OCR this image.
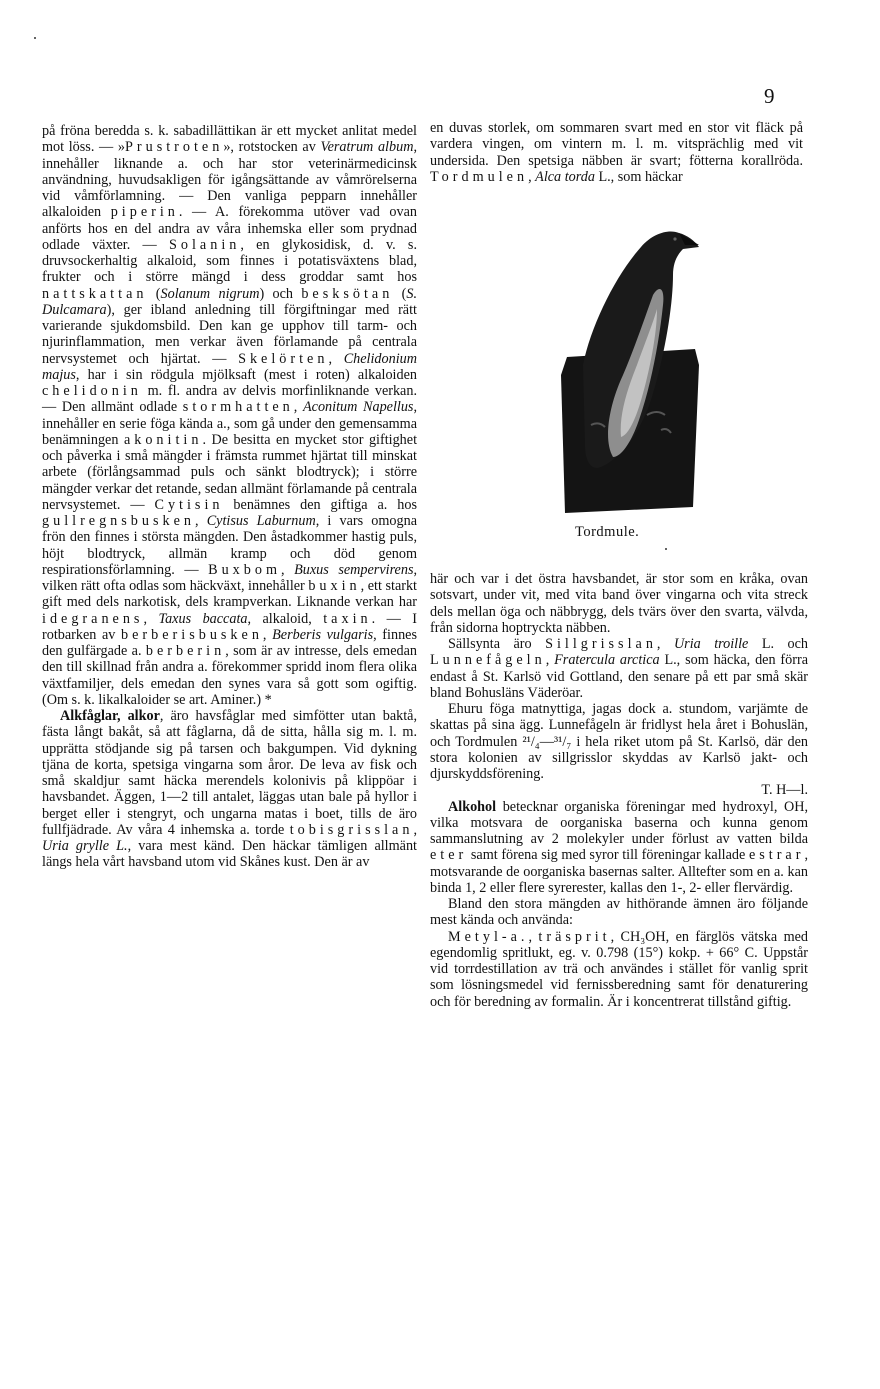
9

på fröna beredda s. k. sabadillättikan är ett mycket anlitat medel mot löss. — »Prustroten», rotstocken av Veratrum album, innehåller liknande a. och har stor veterinärmedicinsk användning, huvudsakligen för igångsättande av våmrörelserna vid våmförlamning. — Den vanliga pepparn innehåller alkaloiden piperin. — A. förekomma utöver vad ovan anförts hos en del andra av våra inhemska eller som prydnad odlade växter. — Solanin, en glykosidisk, d. v. s. druvsockerhaltig alkaloid, som finnes i potatisväxtens blad, frukter och i större mängd i dess groddar samt hos nattskattan (Solanum nigrum) och besksötan (S. Dulcamara), ger ibland anledning till förgiftningar med rätt varierande sjukdomsbild. Den kan ge upphov till tarm- och njurinflammation, men verkar även förlamande på centrala nervsystemet och hjärtat. — Skelörten, Chelidonium majus, har i sin rödgula mjölksaft (mest i roten) alkaloiden chelidonin m. fl. andra av delvis morfinliknande verkan. — Den allmänt odlade stormhatten, Aconitum Napellus, innehåller en serie föga kända a., som gå under den gemensamma benämningen akonitin. De besitta en mycket stor giftighet och påverka i små mängder i främsta rummet hjärtat till minskat arbete (förlångsammad puls och sänkt blodtryck); i större mängder verkar det retande, sedan allmänt förlamande på centrala nervsystemet. — Cytisin benämnes den giftiga a. hos gullregnsbusken, Cytisus Laburnum, i vars omogna frön den finnes i största mängden. Den åstadkommer hastig puls, höjt blodtryck, allmän kramp och död genom respirationsförlamning. — Buxbom, Buxus sempervirens, vilken rätt ofta odlas som häckväxt, innehåller buxin, ett starkt gift med dels narkotisk, dels krampverkan. Liknande verkan har idegranens, Taxus baccata, alkaloid, taxin. — I rotbarken av berberisbusken, Berberis vulgaris, finnes den gulfärgade a. berberin, som är av intresse, dels emedan den till skillnad från andra a. förekommer spridd inom flera olika växtfamiljer, dels emedan den synes vara så gott som ogiftig. (Om s. k. likalkaloider se art. Aminer.) *

Alkfåglar, alkor, äro havsfåglar med simfötter utan baktå, fästa långt bakåt, så att fåglarna, då de sitta, hålla sig m. l. m. upprätta stödjande sig på tarsen och bakgumpen. Vid dykning tjäna de korta, spetsiga vingarna som åror. De leva av fisk och små skaldjur samt häcka merendels kolonivis på klippöar i havsbandet. Äggen, 1—2 till antalet, läggas utan bale på hyllor i berget eller i stengryt, och ungarna matas i boet, tills de äro fullfjädrade. Av våra 4 inhemska a. torde tobisgrisslan, Uria grylle L., vara mest känd. Den häckar tämligen allmänt längs hela vårt havsband utom vid Skånes kust. Den är av

en duvas storlek, om sommaren svart med en stor vit fläck på vardera vingen, om vintern m. l. m. vitsprächlig med vit undersida. Den spetsiga näbben är svart; fötterna korallröda. Tordmulen, Alca torda L., som häckar

Tordmule.

här och var i det östra havsbandet, är stor som en kråka, ovan sotsvart, under vit, med vita band över vingarna och vita streck dels mellan öga och näbbrygg, dels tvärs över den svarta, välvda, från sidorna hoptryckta näbben.

Sällsynta äro Sillgrisslan, Uria troille L. och Lunnefågeln, Fratercula arctica L., som häcka, den förra endast å St. Karlsö vid Gottland, den senare på ett par små skär bland Bohusläns Väderöar.

Ehuru föga matnyttiga, jagas dock a. stundom, varjämte de skattas på sina ägg. Lunnefågeln är fridlyst hela året i Bohuslän, och Tordmulen ²¹/₄—³¹/₇ i hela riket utom på St. Karlsö, där den stora kolonien av sillgrisslor skyddas av Karlsö jakt- och djurskyddsförening.

T. H—l.

Alkohol betecknar organiska föreningar med hydroxyl, OH, vilka motsvara de oorganiska baserna och kunna genom sammanslutning av 2 molekyler under förlust av vatten bilda eter samt förena sig med syror till föreningar kallade estrar, motsvarande de oorganiska basernas salter. Alltefter som en a. kan binda 1, 2 eller flere syrerester, kallas den 1-, 2- eller flervärdig.

Bland den stora mängden av hithörande ämnen äro följande mest kända och använda:

Metyl-a., träsprit, CH₃OH, en färglös vätska med egendomlig spritlukt, eg. v. 0.798 (15°) kokp. + 66° C. Uppstår vid torrdestillation av trä och användes i stället för vanlig sprit som lösningsmedel vid fernissberedning samt för denaturering och för beredning av formalin. Är i koncentrerat tillstånd giftig.
